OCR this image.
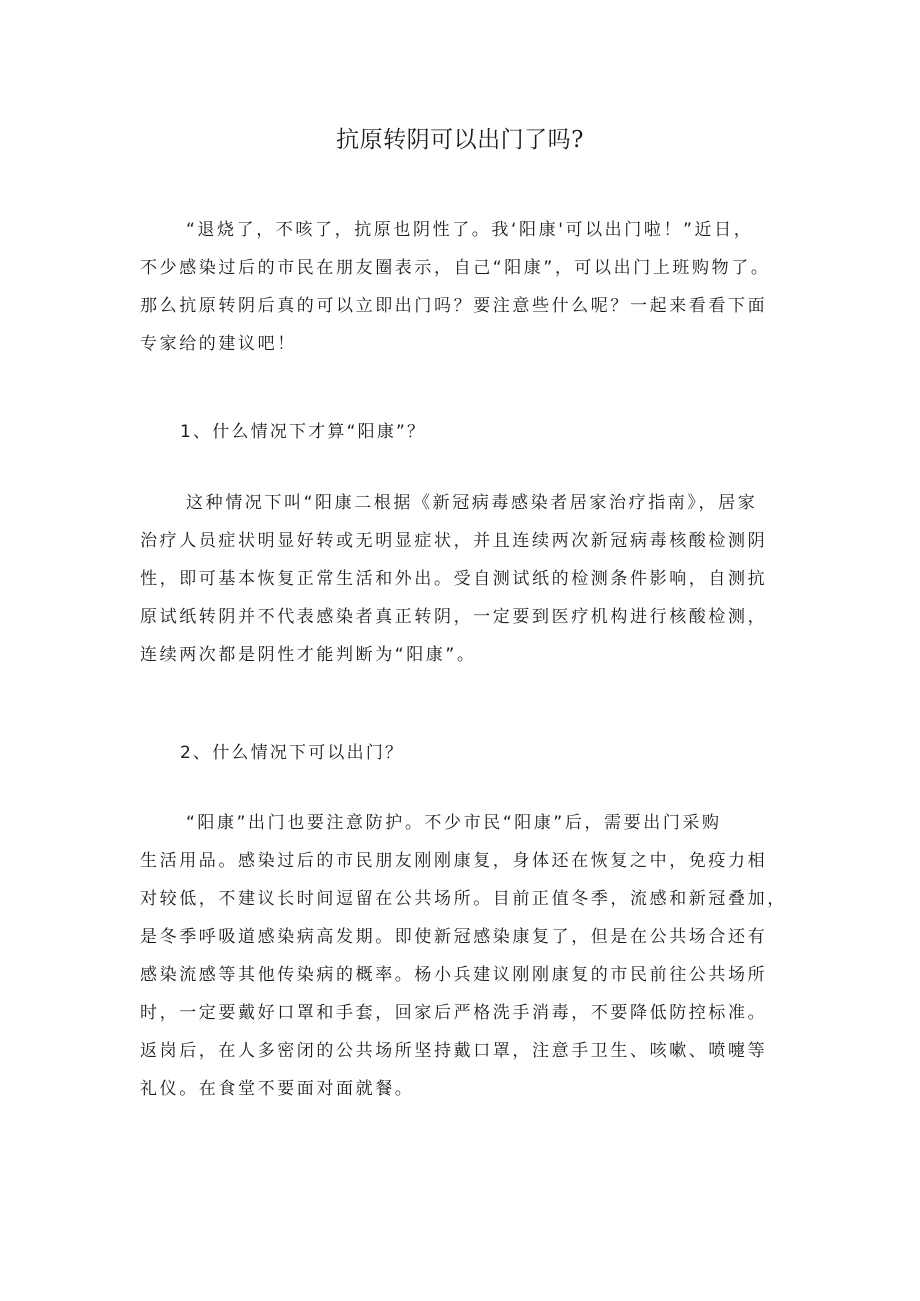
抗原转阴可以出门了吗?

“退烧了，不咳了，抗原也阴性了。我‘阳康'可以出门啦！”近日，
不少感染过后的市民在朋友圈表示，自己“阳康”，可以出门上班购物了。
那么抗原转阴后真的可以立即出门吗？要注意些什么呢？一起来看看下面
专家给的建议吧！

1、什么情况下才算“阳康”？

这种情况下叫“阳康二根据《新冠病毒感染者居家治疗指南》，居家
治疗人员症状明显好转或无明显症状，并且连续两次新冠病毒核酸检测阴
性，即可基本恢复正常生活和外出。受自测试纸的检测条件影响，自测抗
原试纸转阴并不代表感染者真正转阴，一定要到医疗机构进行核酸检测，
连续两次都是阴性才能判断为“阳康”。

2、什么情况下可以出门？

“阳康”出门也要注意防护。不少市民“阳康”后，需要出门采购
生活用品。感染过后的市民朋友刚刚康复，身体还在恢复之中，免疫力相
对较低，不建议长时间逗留在公共场所。目前正值冬季，流感和新冠叠加，
是冬季呼吸道感染病高发期。即使新冠感染康复了，但是在公共场合还有
感染流感等其他传染病的概率。杨小兵建议刚刚康复的市民前往公共场所
时，一定要戴好口罩和手套，回家后严格洗手消毒，不要降低防控标准。
返岗后，在人多密闭的公共场所坚持戴口罩，注意手卫生、咳嗽、喷嚏等
礼仪。在食堂不要面对面就餐。
